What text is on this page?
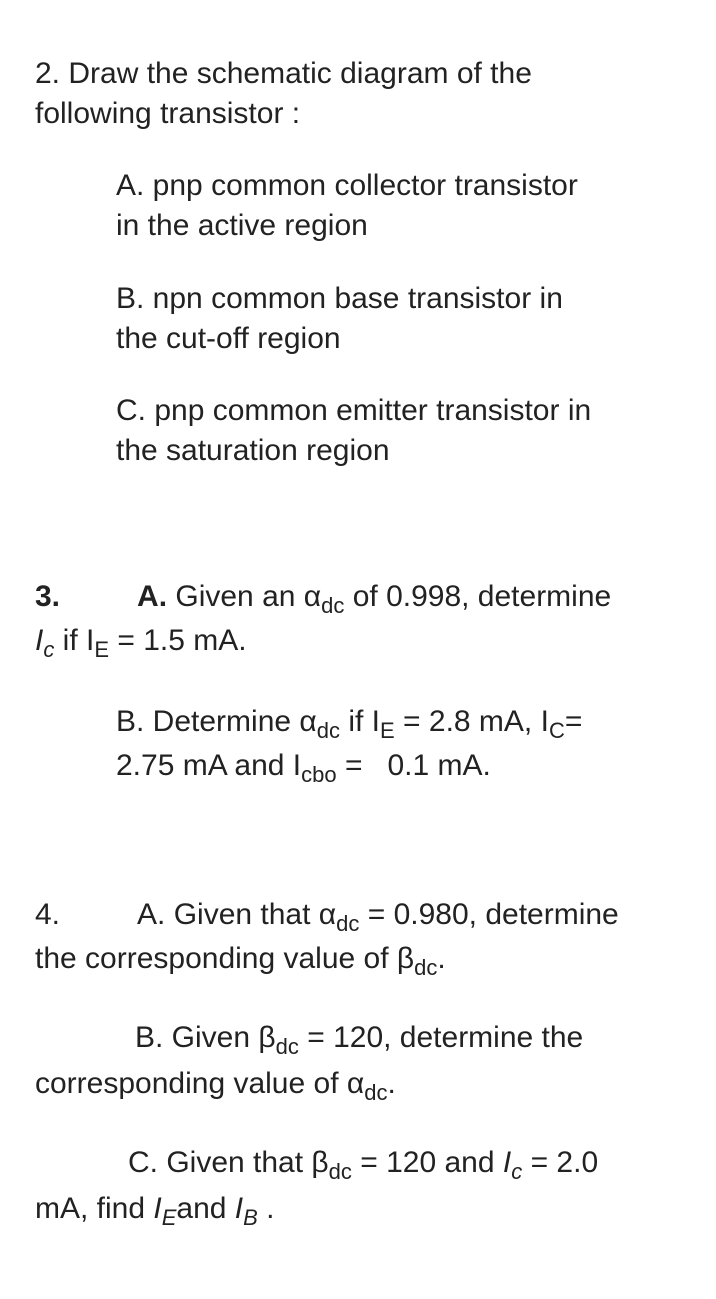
2. Draw the schematic diagram of the
following transistor :
A. pnp common collector transistor
in the active region
B. npn common base transistor in
the cut-off region
C. pnp common emitter transistor in
the saturation region
3.	A. Given an $\alpha_{dc}$ of 0.998, determine
$I_c$ if $I_E = 1.5$ mA.
B. Determine $\alpha_{dc}$ if $I_E = 2.8$ mA, $I_C=$
2.75 mA and $I_{cbo} = 0.1$ mA.
4.	A. Given that $\alpha_{dc} = 0.980$, determine
the corresponding value of $\beta_{dc}$.
B. Given $\beta_{dc} = 120$, determine the
corresponding value of $\alpha_{dc}$.
C. Given that $\beta_{dc} = 120$ and $I_c = 2.0$
mA, find $I_Eand$ $I_B$ .
